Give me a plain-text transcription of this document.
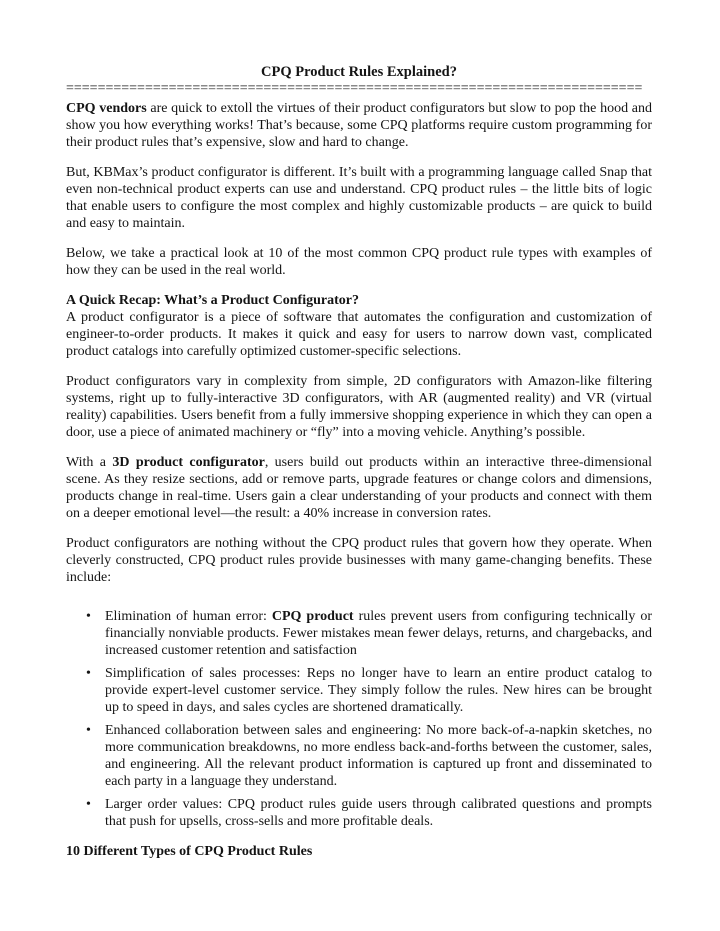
CPQ Product Rules Explained?
=========================================================================

CPQ vendors are quick to extoll the virtues of their product configurators but slow to pop the hood and show you how everything works! That’s because, some CPQ platforms require custom programming for their product rules that’s expensive, slow and hard to change.

But, KBMax’s product configurator is different. It’s built with a programming language called Snap that even non-technical product experts can use and understand. CPQ product rules – the little bits of logic that enable users to configure the most complex and highly customizable products – are quick to build and easy to maintain.

Below, we take a practical look at 10 of the most common CPQ product rule types with examples of how they can be used in the real world.

A Quick Recap: What’s a Product Configurator?

A product configurator is a piece of software that automates the configuration and customization of engineer-to-order products. It makes it quick and easy for users to narrow down vast, complicated product catalogs into carefully optimized customer-specific selections.

Product configurators vary in complexity from simple, 2D configurators with Amazon-like filtering systems, right up to fully-interactive 3D configurators, with AR (augmented reality) and VR (virtual reality) capabilities. Users benefit from a fully immersive shopping experience in which they can open a door, use a piece of animated machinery or “fly” into a moving vehicle. Anything’s possible.

With a 3D product configurator, users build out products within an interactive three-dimensional scene. As they resize sections, add or remove parts, upgrade features or change colors and dimensions, products change in real-time. Users gain a clear understanding of your products and connect with them on a deeper emotional level—the result: a 40% increase in conversion rates.

Product configurators are nothing without the CPQ product rules that govern how they operate. When cleverly constructed, CPQ product rules provide businesses with many game-changing benefits. These include:

•	Elimination of human error: CPQ product rules prevent users from configuring technically or financially nonviable products. Fewer mistakes mean fewer delays, returns, and chargebacks, and increased customer retention and satisfaction
•	Simplification of sales processes: Reps no longer have to learn an entire product catalog to provide expert-level customer service. They simply follow the rules. New hires can be brought up to speed in days, and sales cycles are shortened dramatically.
•	Enhanced collaboration between sales and engineering: No more back-of-a-napkin sketches, no more communication breakdowns, no more endless back-and-forths between the customer, sales, and engineering. All the relevant product information is captured up front and disseminated to each party in a language they understand.
•	Larger order values: CPQ product rules guide users through calibrated questions and prompts that push for upsells, cross-sells and more profitable deals.
10 Different Types of CPQ Product Rules
